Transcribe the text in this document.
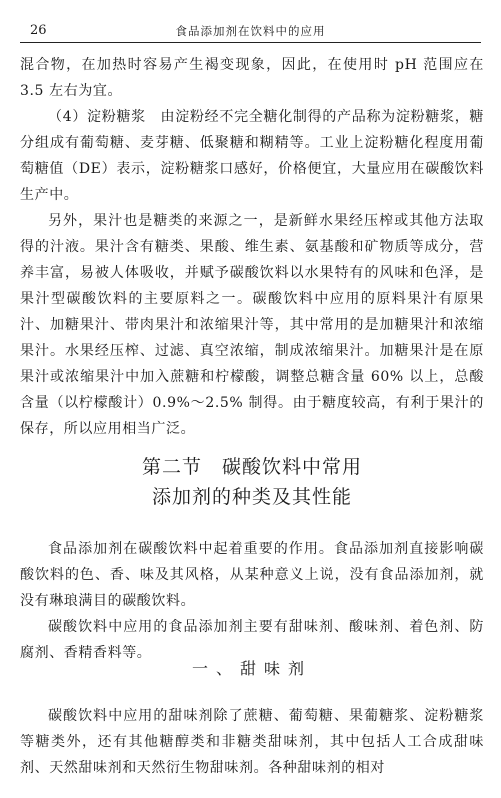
26	食品添加剂在饮料中的应用

混合物，在加热时容易产生褐变现象，因此，在使用时 pH 范围应在 3.5 左右为宜。

（4）淀粉糖浆　由淀粉经不完全糖化制得的产品称为淀粉糖浆，糖分组成有葡萄糖、麦芽糖、低聚糖和糊精等。工业上淀粉糖化程度用葡萄糖值（DE）表示，淀粉糖浆口感好，价格便宜，大量应用在碳酸饮料生产中。

另外，果汁也是糖类的来源之一，是新鲜水果经压榨或其他方法取得的汁液。果汁含有糖类、果酸、维生素、氨基酸和矿物质等成分，营养丰富，易被人体吸收，并赋予碳酸饮料以水果特有的风味和色泽，是果汁型碳酸饮料的主要原料之一。碳酸饮料中应用的原料果汁有原果汁、加糖果汁、带肉果汁和浓缩果汁等，其中常用的是加糖果汁和浓缩果汁。水果经压榨、过滤、真空浓缩，制成浓缩果汁。加糖果汁是在原果汁或浓缩果汁中加入蔗糖和柠檬酸，调整总糖含量 60% 以上，总酸含量（以柠檬酸计）0.9%～2.5% 制得。由于糖度较高，有利于果汁的保存，所以应用相当广泛。

第二节　碳酸饮料中常用
添加剂的种类及其性能

食品添加剂在碳酸饮料中起着重要的作用。食品添加剂直接影响碳酸饮料的色、香、味及其风格，从某种意义上说，没有食品添加剂，就没有琳琅满目的碳酸饮料。

碳酸饮料中应用的食品添加剂主要有甜味剂、酸味剂、着色剂、防腐剂、香精香料等。

一、甜味剂

碳酸饮料中应用的甜味剂除了蔗糖、葡萄糖、果葡糖浆、淀粉糖浆等糖类外，还有其他糖醇类和非糖类甜味剂，其中包括人工合成甜味剂、天然甜味剂和天然衍生物甜味剂。各种甜味剂的相对
